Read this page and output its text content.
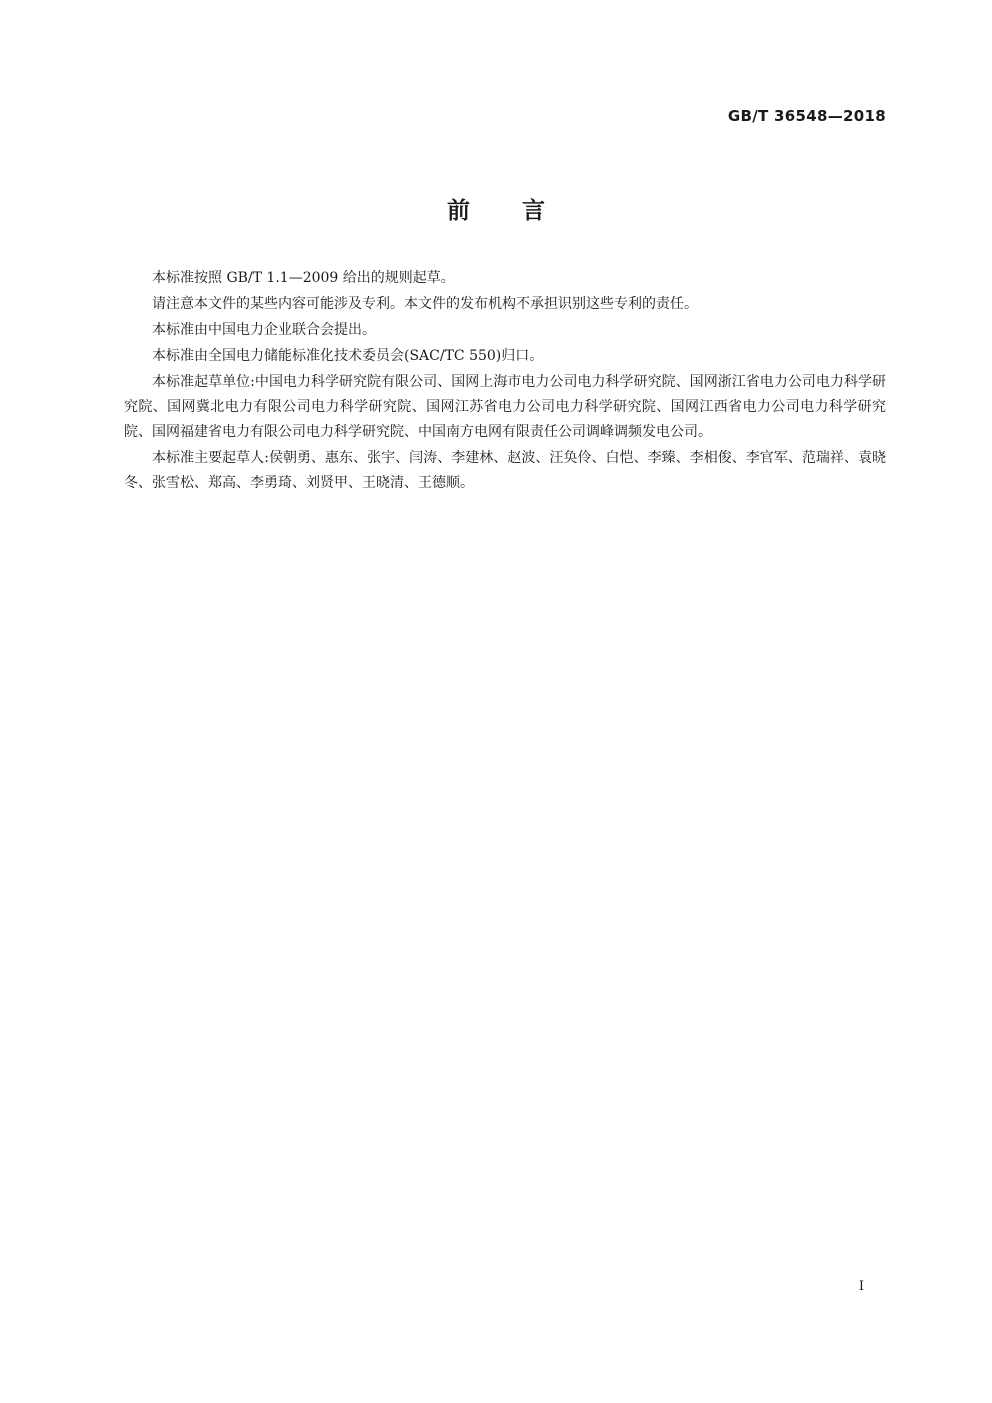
GB/T 36548—2018
前言

本标准按照 GB/T 1.1—2009 给出的规则起草。

请注意本文件的某些内容可能涉及专利。本文件的发布机构不承担识别这些专利的责任。

本标准由中国电力企业联合会提出。

本标准由全国电力储能标准化技术委员会(SAC/TC 550)归口。

本标准起草单位:中国电力科学研究院有限公司、国网上海市电力公司电力科学研究院、国网浙江省电力公司电力科学研究院、国网冀北电力有限公司电力科学研究院、国网江苏省电力公司电力科学研究院、国网江西省电力公司电力科学研究院、国网福建省电力有限公司电力科学研究院、中国南方电网有限责任公司调峰调频发电公司。

本标准主要起草人:侯朝勇、惠东、张宇、闫涛、李建林、赵波、汪奂伶、白恺、李臻、李相俊、李官军、范瑞祥、袁晓冬、张雪松、郑高、李勇琦、刘贤甲、王晓清、王德顺。

I
